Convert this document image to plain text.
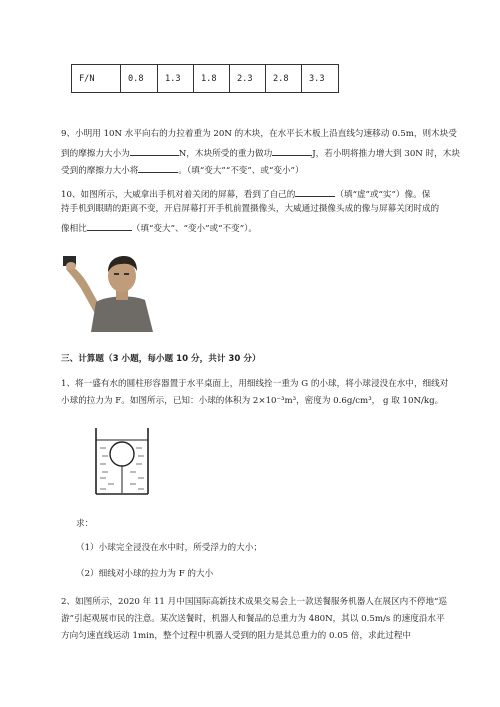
F/N	0.8	1.3	1.8	2.3	2.8	3.3
9、小明用 10N 水平向右的力拉着重为 20N 的木块，在水平长木板上沿直线匀速移动 0.5m，则木块受
到的摩擦力大小为	N，木块所受的重力做功	J，若小明将推力增大到 30N 时，木块
受到的摩擦力大小将	。（填“变大”“不变”、或“变小”）
10、如图所示，大威拿出手机对着关闭的屏幕，看到了自己的	（填“虚”或“实”）像。保
持手机到眼睛的距离不变，开启屏幕打开手机前置摄像头，大威通过摄像头成的像与屏幕关闭时成的
像相比	（填“变大”、“变小”或“不变”）。
三、计算题（3 小题，每小题 10 分，共计 30 分）
1、将一盛有水的圆柱形容器置于水平桌面上，用细线拴一重为 G 的小球，将小球浸没在水中，细线对
小球的拉力为 F。如图所示，已知：小球的体积为 2×10⁻³m³，密度为 0.6g/cm³， g 取 10N/kg。
求：
（1）小球完全浸没在水中时，所受浮力的大小；
（2）细线对小球的拉力为 F 的大小
2、如图所示，2020 年 11 月中国国际高新技术成果交易会上一款送餐服务机器人在展区内不停地“巡
游”引起观展市民的注意。某次送餐时，机器人和餐品的总重力为 480N，其以 0.5m/s 的速度沿水平
方向匀速直线运动 1min，整个过程中机器人受到的阻力是其总重力的 0.05 倍，求此过程中
